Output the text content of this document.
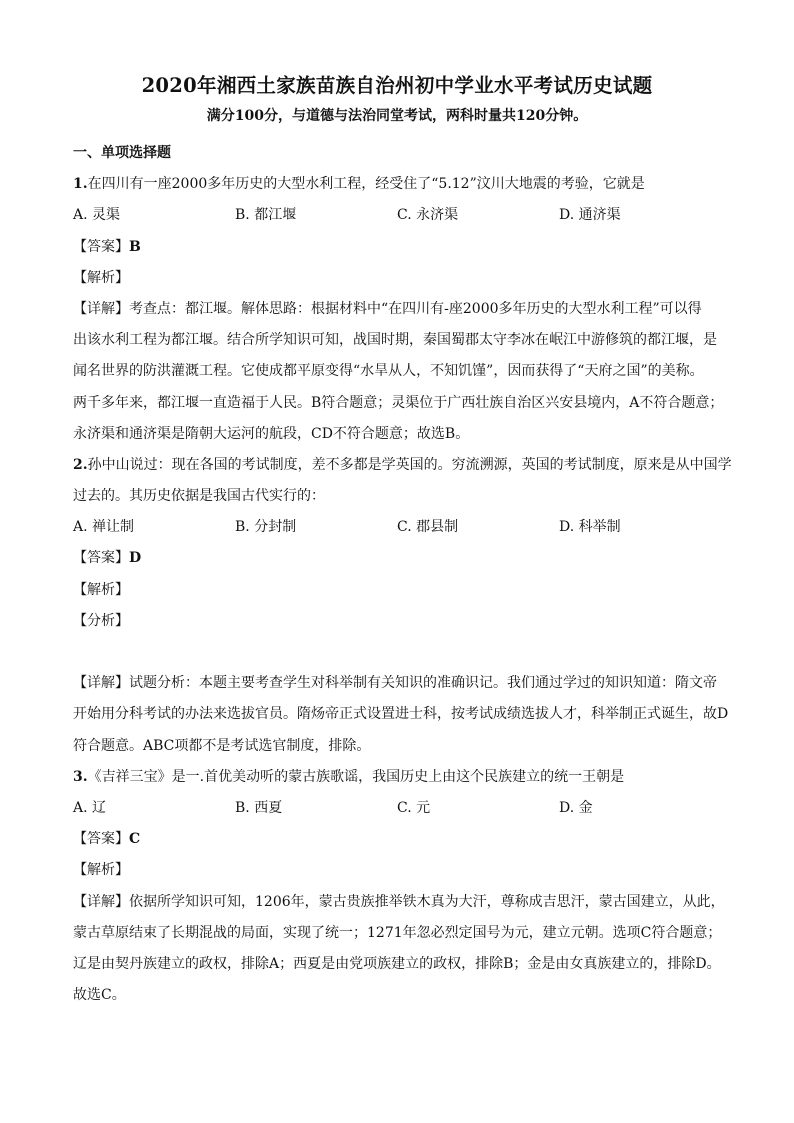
2020年湘西土家族苗族自治州初中学业水平考试历史试题
满分100分，与道德与法治同堂考试，两科时量共120分钟。
一、单项选择题
1.在四川有一座2000多年历史的大型水利工程，经受住了“5.12”汶川大地震的考验，它就是
A. 灵渠	B. 都江堰	C. 永济渠	D. 通济渠
【答案】B
【解析】
【详解】考查点：都江堰。解体思路：根据材料中“在四川有-座2000多年历史的大型水利工程”可以得
出该水利工程为都江堰。结合所学知识可知，战国时期，秦国蜀郡太守李冰在岷江中游修筑的都江堰，是
闻名世界的防洪灌溉工程。它使成都平原变得“水旱从人，不知饥馑”，因而获得了“天府之国”的美称。
两千多年来，都江堰一直造福于人民。B符合题意；灵渠位于广西壮族自治区兴安县境内，A不符合题意；
永济渠和通济渠是隋朝大运河的航段，CD不符合题意；故选B。
2.孙中山说过：现在各国的考试制度，差不多都是学英国的。穷流溯源，英国的考试制度，原来是从中国学
过去的。其历史依据是我国古代实行的：
A. 禅让制	B. 分封制	C. 郡县制	D. 科举制
【答案】D
【解析】
【分析】
【详解】试题分析：本题主要考查学生对科举制有关知识的准确识记。我们通过学过的知识知道：隋文帝
开始用分科考试的办法来选拔官员。隋炀帝正式设置进士科，按考试成绩选拔人才，科举制正式诞生，故D
符合题意。ABC项都不是考试选官制度，排除。
3.《吉祥三宝》是一.首优美动听的蒙古族歌谣，我国历史上由这个民族建立的统一王朝是
A. 辽	B. 西夏	C. 元	D. 金
【答案】C
【解析】
【详解】依据所学知识可知，1206年，蒙古贵族推举铁木真为大汗，尊称成吉思汗，蒙古国建立，从此，
蒙古草原结束了长期混战的局面，实现了统一；1271年忽必烈定国号为元，建立元朝。选项C符合题意；
辽是由契丹族建立的政权，排除A；西夏是由党项族建立的政权，排除B；金是由女真族建立的，排除D。
故选C。
